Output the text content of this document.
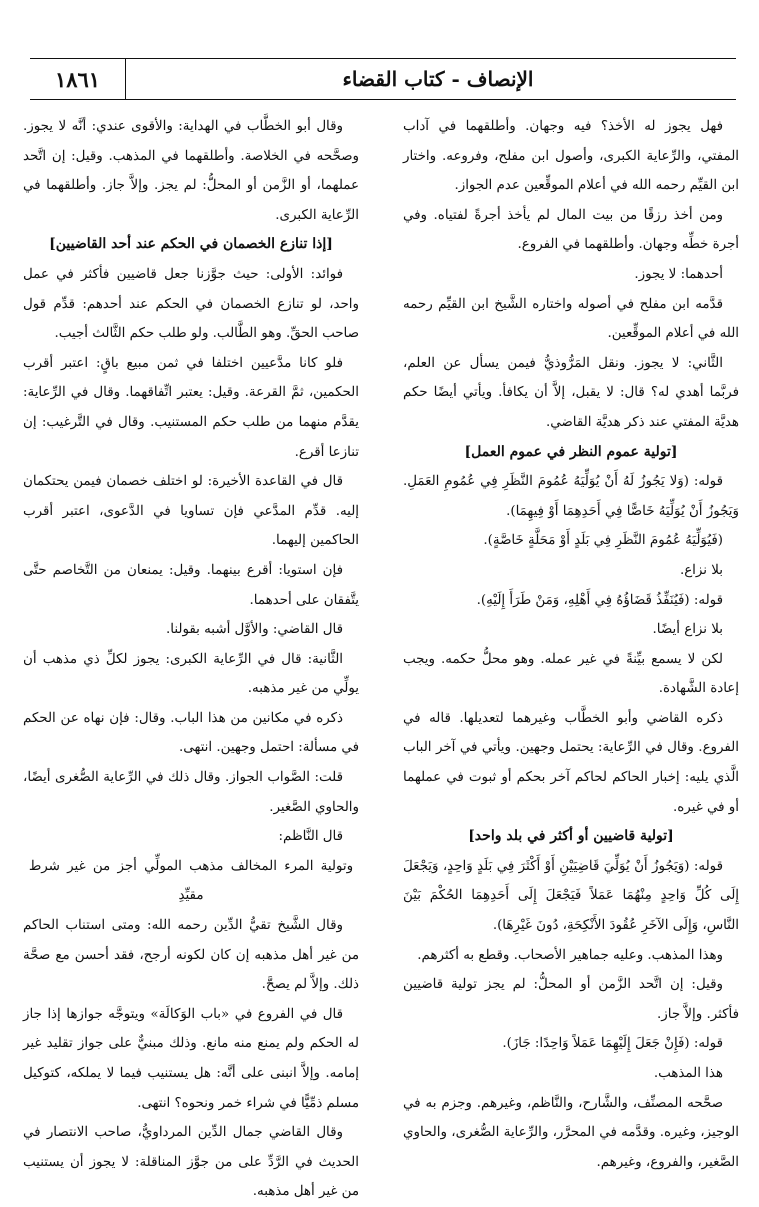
الإنصاف - كتاب القضاء
١٨٦١

فهل يجوز له الأخذ؟ فيه وجهان. وأطلقهما في آداب المفتي، والرِّعاية الكبرى، وأصول ابن مفلح، وفروعه. واختار ابن القيِّم رحمه الله في أعلام الموقِّعين عدم الجواز.

ومن أخذ رزقًا من بيت المال لم يأخذ أجرةً لفتياه. وفي أجرة خطِّه وجهان. وأطلقهما في الفروع.

أحدهما: لا يجوز.

قدَّمه ابن مفلح في أصوله واختاره الشَّيخ ابن القيِّم رحمه الله في أعلام الموقِّعين.

الثَّاني: لا يجوز. ونقل المَرُّوذيُّ فيمن يسأل عن العلم، فربَّما أهدي له؟ قال: لا يقبل، إلاَّ أن يكافأ. ويأتي أيضًا حكم هديَّة المفتي عند ذكر هديَّة القاضي.

[تولية عموم النظر في عموم العمل]

قوله: (وَلا يَجُوزُ لَهُ أَنْ يُوَلِّيَهُ عُمُومَ النَّظَرِ فِي عُمُومِ العَمَلِ. وَيَجُوزُ أَنْ يُوَلِّيَهُ خَاصًّا فِي أَحَدِهِمَا أَوْ فِيهِمَا).

(فَيُوَلِّيَهُ عُمُومَ النَّظَرِ فِي بَلَدٍ أَوْ مَحَلَّةٍ خَاصَّةٍ).

بلا نزاع.

قوله: (فَيُنَفِّذُ قَضَاؤُهُ فِي أَهْلِهِ، وَمَنْ طَرَأَ إِلَيْهِ).

بلا نزاع أيضًا.

لكن لا يسمع بيِّنةً في غير عمله. وهو محلُّ حكمه. ويجب إعادة الشَّهادة.

ذكره القاضي وأبو الخطَّاب وغيرهما لتعديلها. قاله في الفروع. وقال في الرِّعاية: يحتمل وجهين. ويأتي في آخر الباب الَّذي يليه: إخبار الحاكم لحاكم آخر بحكم أو ثبوت في عملهما أو في غيره.

[تولية قاضيين أو أكثر في بلد واحد]

قوله: (وَيَجُوزُ أَنْ يُوَلِّيَ قَاضِيَيْنِ أَوْ أَكْثَرَ فِي بَلَدٍ وَاحِدٍ، وَيَجْعَلَ إِلَى كُلِّ وَاحِدٍ مِنْهُمَا عَمَلاً فَيَجْعَلَ إِلَى أَحَدِهِمَا الحُكْمَ بَيْنَ النَّاسِ، وَإِلَى الآخَرِ عُقُودَ الأَنْكِحَةِ، دُونَ غَيْرِهَا).

وهذا المذهب. وعليه جماهير الأصحاب. وقطع به أكثرهم.

وقيل: إن اتَّحد الزَّمن أو المحلُّ: لم يجز تولية قاضيين فأكثر. وإلاَّ جاز.

قوله: (فَإِنْ جَعَلَ إِلَيْهِمَا عَمَلاً وَاحِدًا: جَازَ).

هذا المذهب.

صحَّحه المصنِّف، والشَّارح، والنَّاظم، وغيرهم. وجزم به في الوجيز، وغيره. وقدَّمه في المحرَّر، والرِّعاية الصُّغرى، والحاوي الصَّغير، والفروع، وغيرهم.

وقال أبو الخطَّاب في الهداية: والأقوى عندي: أنَّه لا يجوز. وصحَّحه في الخلاصة. وأطلقهما في المذهب. وقيل: إن اتَّحد عملهما، أو الزَّمن أو المحلُّ: لم يجز. وإلاَّ جاز. وأطلقهما في الرِّعاية الكبرى.

[إذا تنازع الخصمان في الحكم عند أحد القاضيين]

فوائد: الأولى: حيث جوَّزنا جعل قاضيين فأكثر في عمل واحد، لو تنازع الخصمان في الحكم عند أحدهم: قدِّم قول صاحب الحقِّ. وهو الطَّالب. ولو طلب حكم الثَّالث أجيب.

فلو كانا مدَّعيين اختلفا في ثمن مبيع باقٍ: اعتبر أقرب الحكمين، ثمَّ القرعة. وقيل: يعتبر اتِّفاقهما. وقال في الرِّعاية: يقدَّم منهما من طلب حكم المستنيب. وقال في التَّرغيب: إن تنازعا أقرع.

قال في القاعدة الأخيرة: لو اختلف خصمان فيمن يحتكمان إليه. قدِّم المدَّعي فإن تساويا في الدَّعوى، اعتبر أقرب الحاكمين إليهما.

فإن استويا: أقرع بينهما. وقيل: يمنعان من التَّخاصم حتَّى يتَّفقان على أحدهما.

قال القاضي: والأوَّل أشبه بقولنا.

الثَّانية: قال في الرِّعاية الكبرى: يجوز لكلِّ ذي مذهب أن يولِّي من غير مذهبه.

ذكره في مكانين من هذا الباب. وقال: فإن نهاه عن الحكم في مسألة: احتمل وجهين. انتهى.

قلت: الصَّواب الجواز. وقال ذلك في الرِّعاية الصُّغرى أيضًا، والحاوي الصَّغير.

قال النَّاظم:

وتولية المرء المخالف مذهب المولِّي أجز من غير شرط مقيِّدِ

وقال الشَّيخ تقيُّ الدِّين رحمه الله: ومتى استناب الحاكم من غير أهل مذهبه إن كان لكونه أرجح، فقد أحسن مع صحَّة ذلك. وإلاَّ لم يصحَّ.

قال في الفروع في «باب الوَكالَة» ويتوجَّه جوازها إذا جاز له الحكم ولم يمنع منه مانع. وذلك مبنيٌّ على جواز تقليد غير إمامه. وإلاَّ انبنى على أنَّه: هل يستنيب فيما لا يملكه، كتوكيل مسلم ذمِّيًّا في شراء خمر ونحوه؟ انتهى.

وقال القاضي جمال الدِّين المرداويُّ، صاحب الانتصار في الحديث في الرَّدِّ على من جوَّز المناقلة: لا يجوز أن يستنيب من غير أهل مذهبه.
